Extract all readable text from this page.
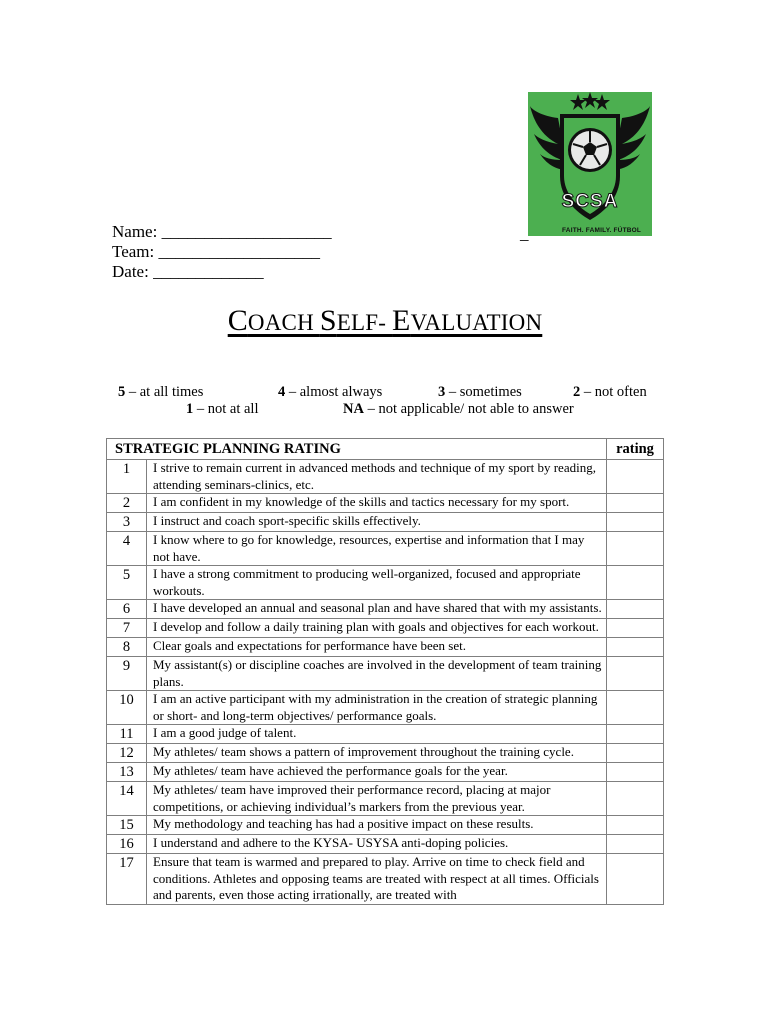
SCSA
FAITH. FAMILY. FÚTBOL
Name: ____________________
Team: ___________________
Date: _____________
_
COACH SELF- EVALUATION
5 – at all times	4 – almost always	3 – sometimes	2 – not often
1 – not at all	NA – not applicable/ not able to answer
STRATEGIC PLANNING RATING		rating
1	I strive to remain current in advanced methods and technique of my sport by reading, attending seminars-clinics, etc.	
2	I am confident in my knowledge of the skills and tactics necessary for my sport.	
3	I instruct and coach sport-specific skills effectively.	
4	I know where to go for knowledge, resources, expertise and information that I may not have.	
5	I have a strong commitment to producing well-organized, focused and appropriate workouts.	
6	I have developed an annual and seasonal plan and have shared that with my assistants.	
7	I develop and follow a daily training plan with goals and objectives for each workout.	
8	Clear goals and expectations for performance have been set.	
9	My assistant(s) or discipline coaches are involved in the development of team training plans.	
10	I am an active participant with my administration in the creation of strategic planning or short- and long-term objectives/ performance goals.	
11	I am a good judge of talent.	
12	My athletes/ team shows a pattern of improvement throughout the training cycle.	
13	My athletes/ team have achieved the performance goals for the year.	
14	My athletes/ team have improved their performance record, placing at major competitions, or achieving individual’s markers from the previous year.	
15	My methodology and teaching has had a positive impact on these results.	
16	I understand and adhere to the KYSA- USYSA anti-doping policies.	
17	Ensure that team is warmed and prepared to play. Arrive on time to check field and conditions. Athletes and opposing teams are treated with respect at all times. Officials and parents, even those acting irrationally, are treated with	
